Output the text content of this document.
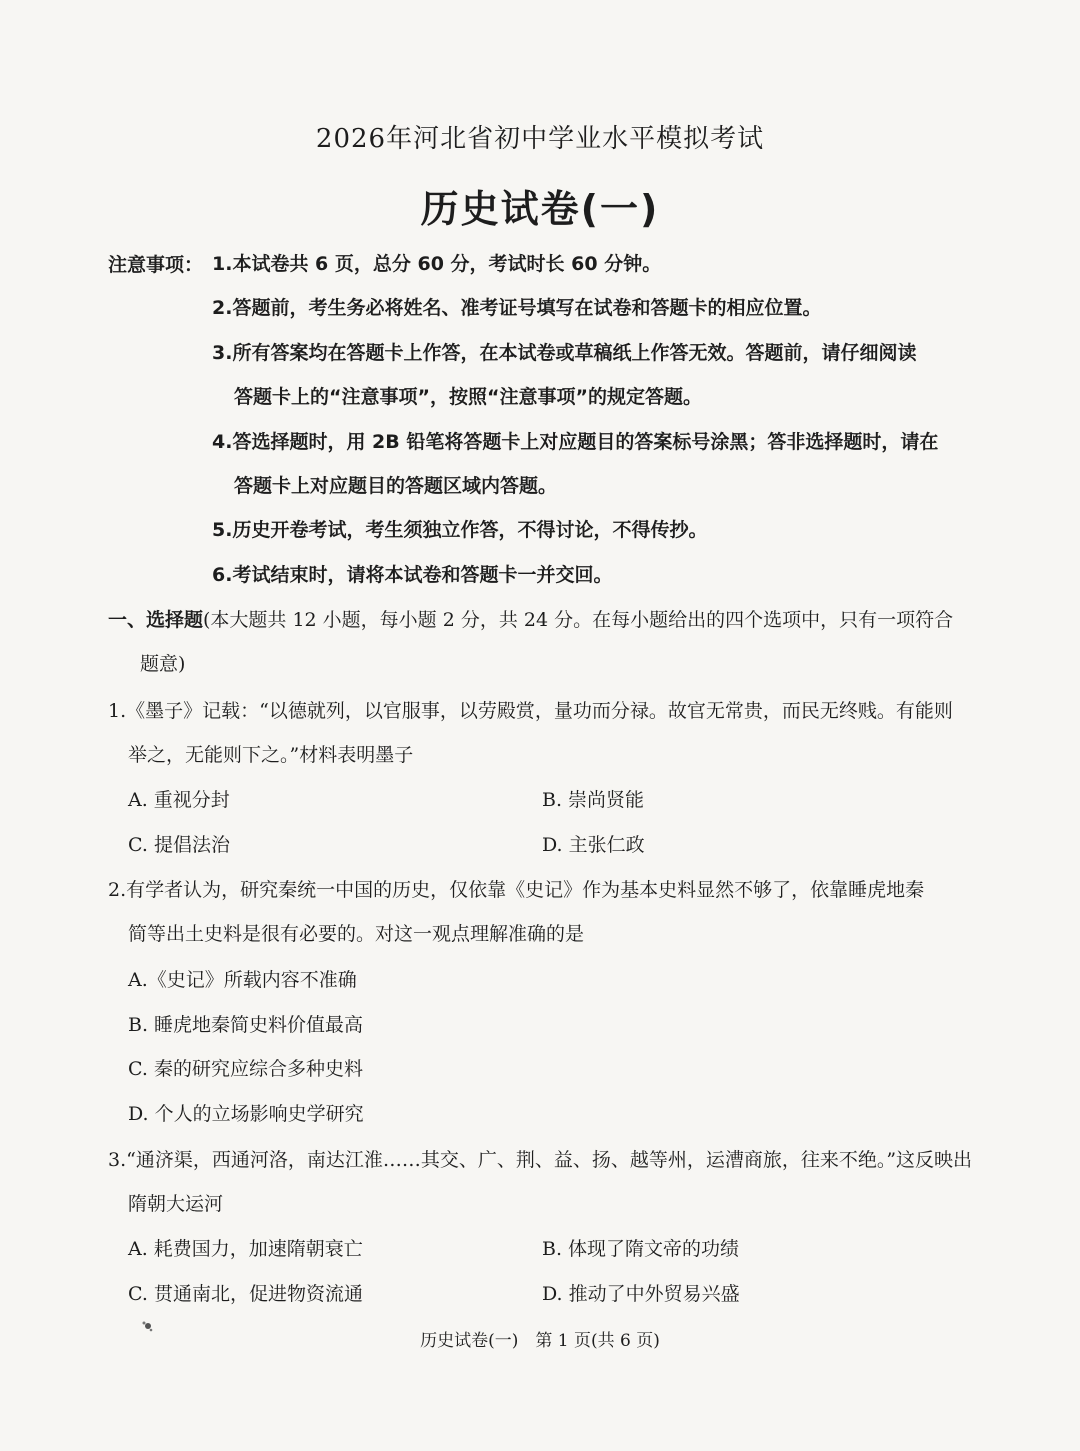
2026年河北省初中学业水平模拟考试
历史试卷(一)
注意事项： 1.本试卷共 6 页，总分 60 分，考试时长 60 分钟。
2.答题前，考生务必将姓名、准考证号填写在试卷和答题卡的相应位置。
3.所有答案均在答题卡上作答，在本试卷或草稿纸上作答无效。答题前，请仔细阅读
答题卡上的“注意事项”，按照“注意事项”的规定答题。
4.答选择题时，用 2B 铅笔将答题卡上对应题目的答案标号涂黑；答非选择题时，请在
答题卡上对应题目的答题区域内答题。
5.历史开卷考试，考生须独立作答，不得讨论，不得传抄。
6.考试结束时，请将本试卷和答题卡一并交回。
一、选择题(本大题共 12 小题，每小题 2 分，共 24 分。在每小题给出的四个选项中，只有一项符合
题意)
1.《墨子》记载：“以德就列，以官服事，以劳殿赏，量功而分禄。故官无常贵，而民无终贱。有能则
举之，无能则下之。”材料表明墨子
A. 重视分封	B. 崇尚贤能
C. 提倡法治	D. 主张仁政
2.有学者认为，研究秦统一中国的历史，仅依靠《史记》作为基本史料显然不够了，依靠睡虎地秦
简等出土史料是很有必要的。对这一观点理解准确的是
A.《史记》所载内容不准确
B. 睡虎地秦简史料价值最高
C. 秦的研究应综合多种史料
D. 个人的立场影响史学研究
3.“通济渠，西通河洛，南达江淮……其交、广、荆、益、扬、越等州，运漕商旅，往来不绝。”这反映出
隋朝大运河
A. 耗费国力，加速隋朝衰亡	B. 体现了隋文帝的功绩
C. 贯通南北，促进物资流通	D. 推动了中外贸易兴盛
历史试卷(一)　第 1 页(共 6 页)
